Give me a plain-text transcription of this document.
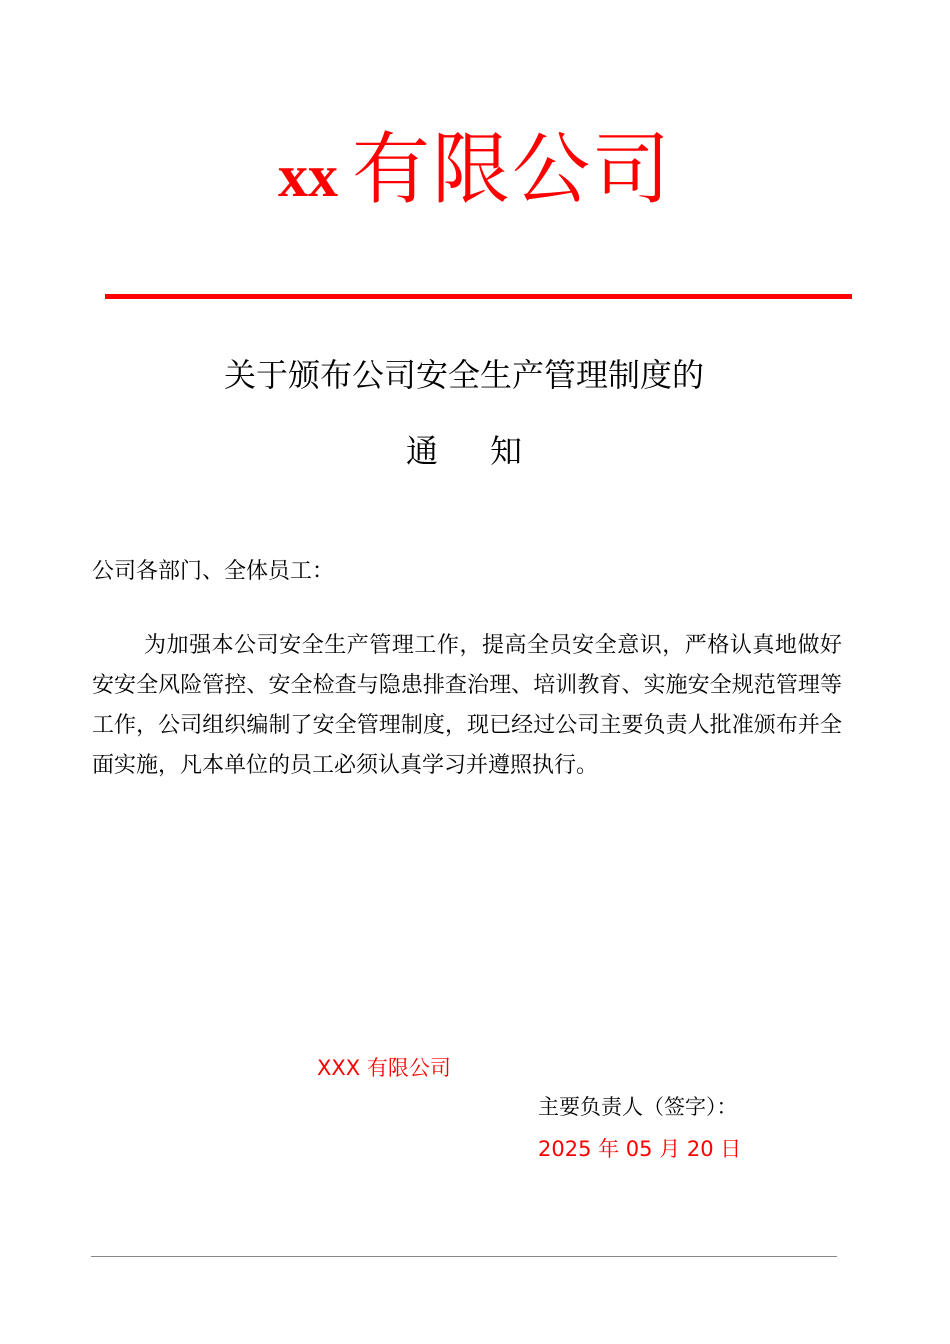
xx 有限公司
关于颁布公司安全生产管理制度的
通 知
公司各部门、全体员工：
为加强本公司安全生产管理工作，提高全员安全意识，严格认真地做好安安全风险管控、安全检查与隐患排查治理、培训教育、实施安全规范管理等工作，公司组织编制了安全管理制度，现已经过公司主要负责人批准颁布并全面实施，凡本单位的员工必须认真学习并遵照执行。
XXX 有限公司
主要负责人（签字）：
2025 年 05 月 20 日
